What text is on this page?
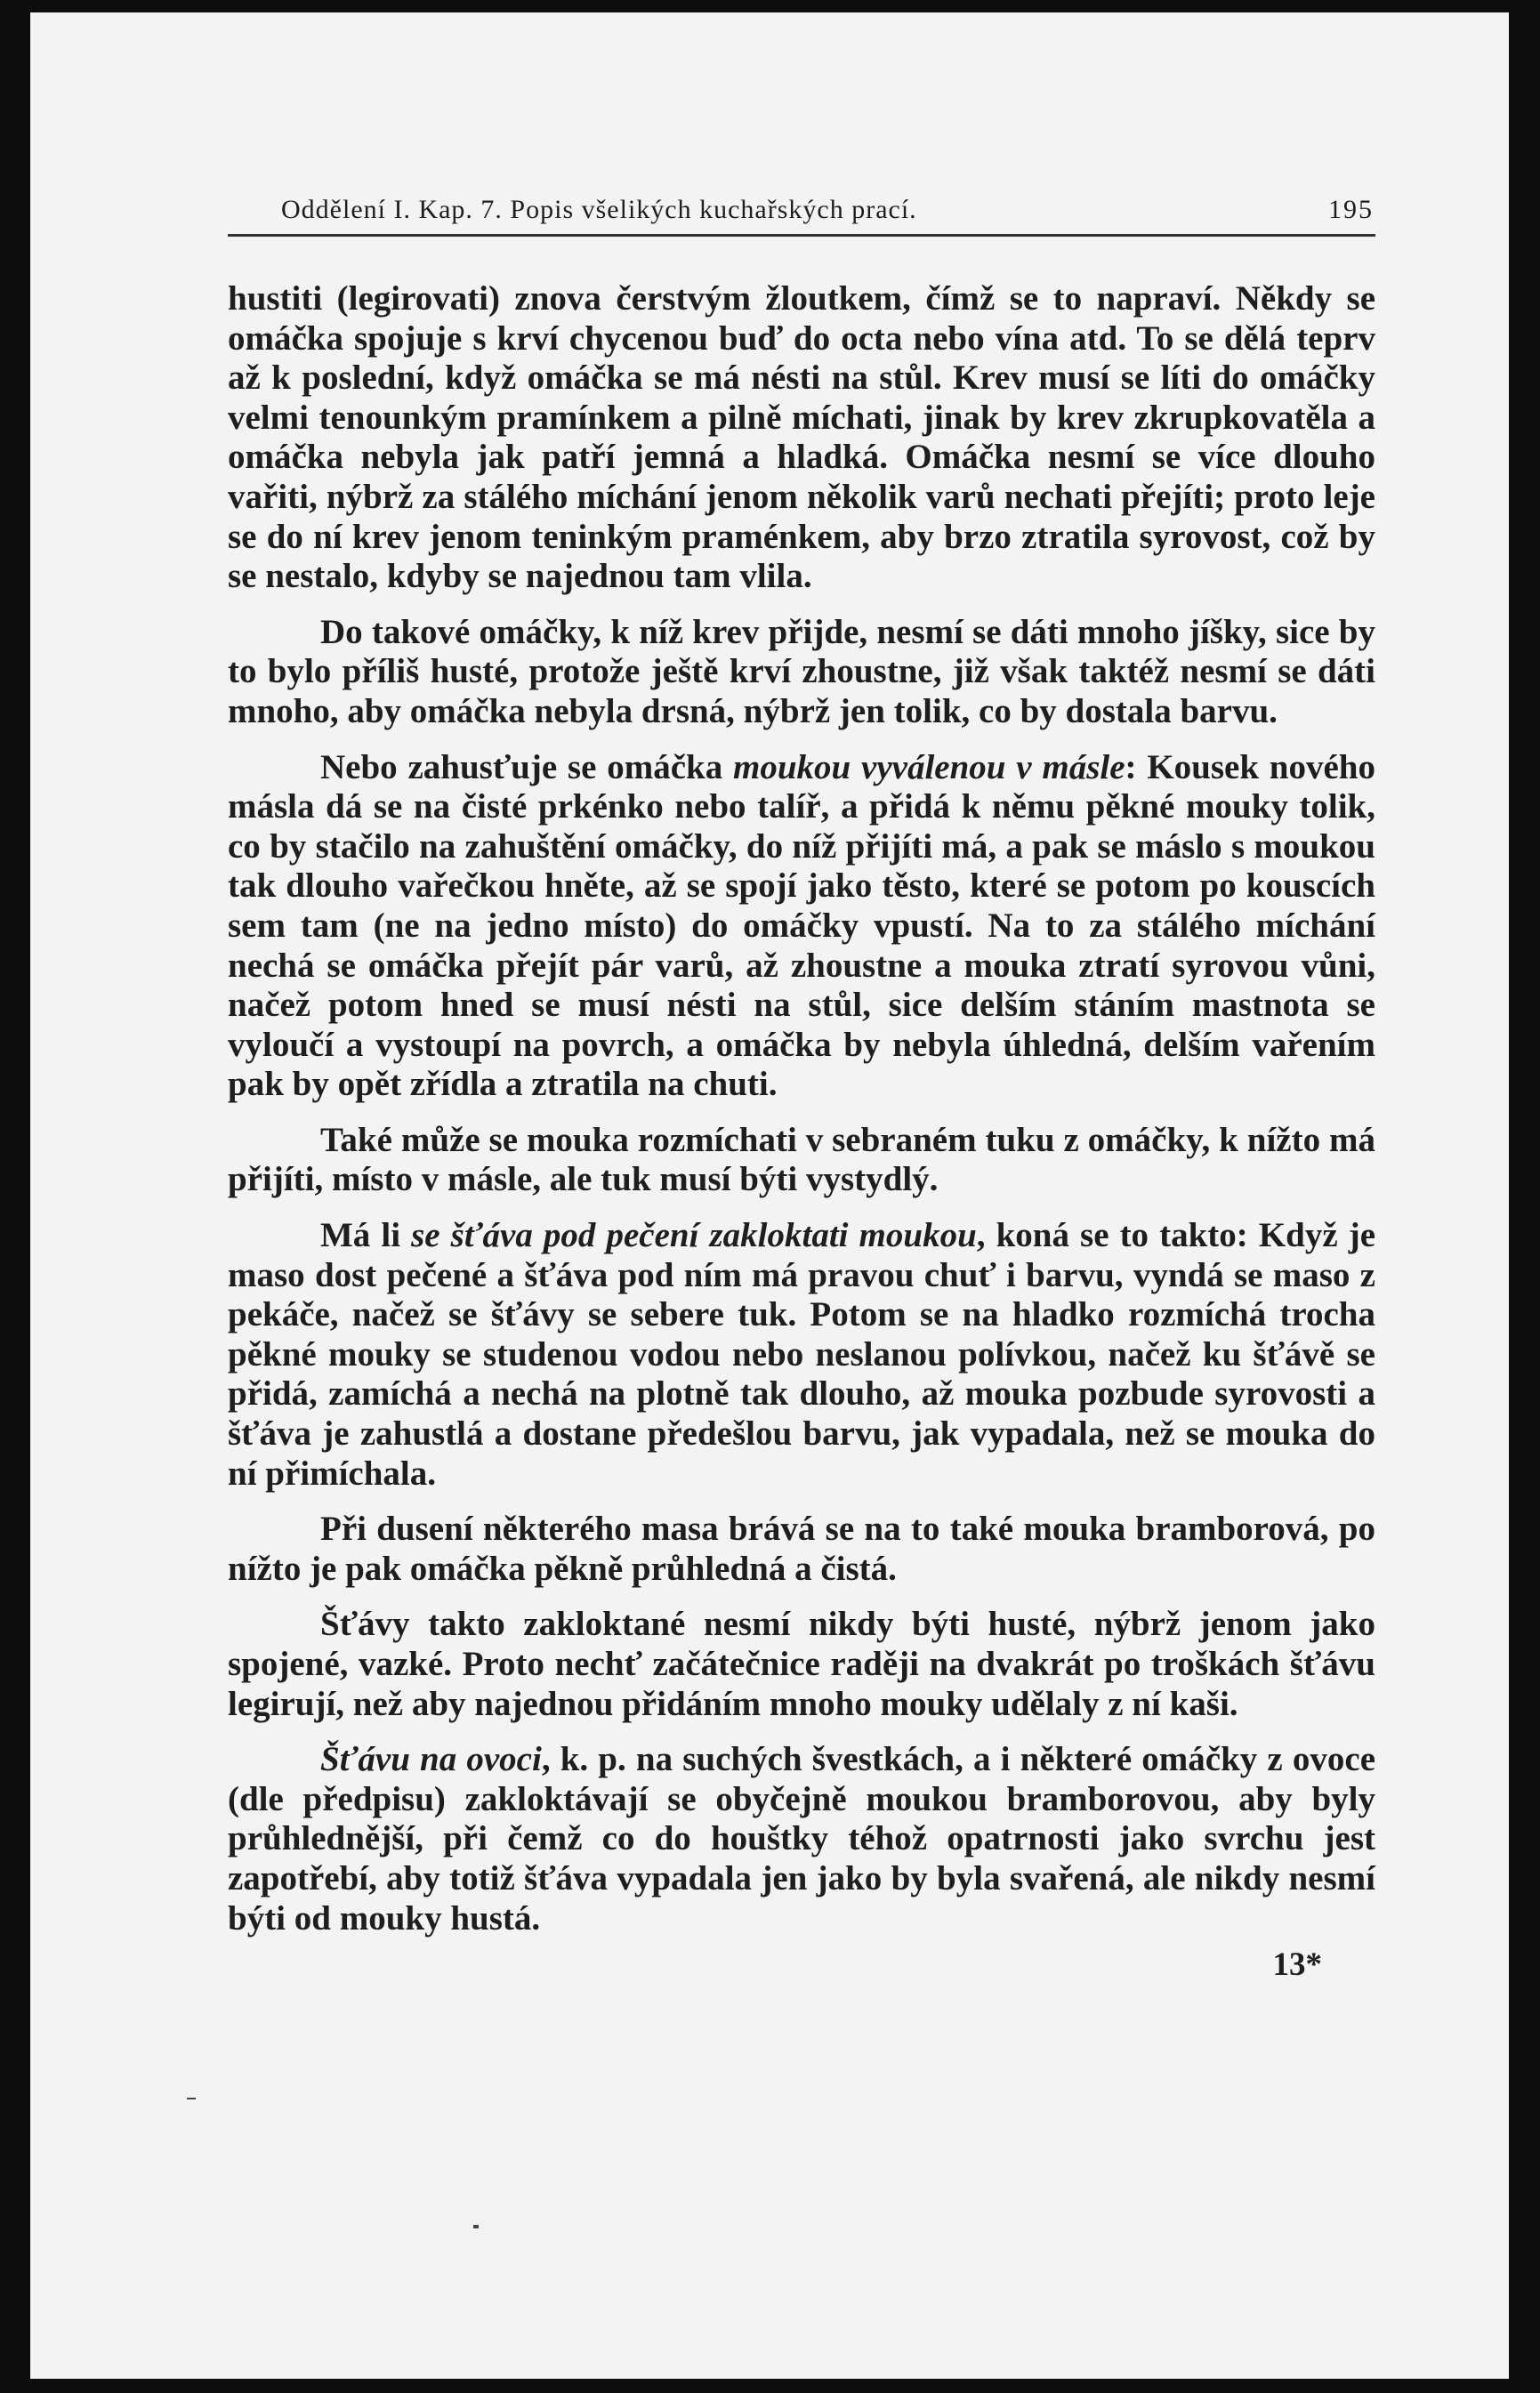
Oddělení I. Kap. 7. Popis všelikých kuchařských prací.	195

hustiti (legirovati) znova čerstvým žloutkem, čímž se to napraví. Někdy se omáčka spojuje s krví chycenou buď do octa nebo vína atd. To se dělá teprv až k poslední, když omáčka se má nésti na stůl. Krev musí se líti do omáčky velmi tenounkým pramínkem a pilně míchati, jinak by krev zkrupkovatěla a omáčka nebyla jak patří jemná a hladká. Omáčka nesmí se více dlouho vařiti, nýbrž za stálého míchání jenom několik varů nechati přejíti; proto leje se do ní krev jenom teninkým praménkem, aby brzo ztratila syrovost, což by se nestalo, kdyby se najednou tam vlila.

Do takové omáčky, k níž krev přijde, nesmí se dáti mnoho jíšky, sice by to bylo příliš husté, protože ještě krví zhoustne, již však taktéž nesmí se dáti mnoho, aby omáčka nebyla drsná, nýbrž jen tolik, co by dostala barvu.

Nebo zahusťuje se omáčka moukou vyválenou v másle: Kousek nového másla dá se na čisté prkénko nebo talíř, a přidá k němu pěkné mouky tolik, co by stačilo na zahuštění omáčky, do níž přijíti má, a pak se máslo s moukou tak dlouho vařečkou hněte, až se spojí jako těsto, které se potom po kouscích sem tam (ne na jedno místo) do omáčky vpustí. Na to za stálého míchání nechá se omáčka přejít pár varů, až zhoustne a mouka ztratí syrovou vůni, načež potom hned se musí nésti na stůl, sice delším stáním mastnota se vyloučí a vystoupí na povrch, a omáčka by nebyla úhledná, delším vařením pak by opět zřídla a ztratila na chuti.

Také může se mouka rozmíchati v sebraném tuku z omáčky, k nížto má přijíti, místo v másle, ale tuk musí býti vystydlý.

Má li se šťáva pod pečení zakloktati moukou, koná se to takto: Když je maso dost pečené a šťáva pod ním má pravou chuť i barvu, vyndá se maso z pekáče, načež se šťávy se sebere tuk. Potom se na hladko rozmíchá trocha pěkné mouky se studenou vodou nebo neslanou polívkou, načež ku šťávě se přidá, zamíchá a nechá na plotně tak dlouho, až mouka pozbude syrovosti a šťáva je zahustlá a dostane předešlou barvu, jak vypadala, než se mouka do ní přimíchala.

Při dusení některého masa brává se na to také mouka bramborová, po nížto je pak omáčka pěkně průhledná a čistá.

Šťávy takto zakloktané nesmí nikdy býti husté, nýbrž jenom jako spojené, vazké. Proto nechť začátečnice raději na dvakrát po troškách šťávu legirují, než aby najednou přidáním mnoho mouky udělaly z ní kaši.

Šťávu na ovoci, k. p. na suchých švestkách, a i některé omáčky z ovoce (dle předpisu) zakloktávají se obyčejně moukou bramborovou, aby byly průhlednější, při čemž co do houštky téhož opatrnosti jako svrchu jest zapotřebí, aby totiž šťáva vypadala jen jako by byla svařená, ale nikdy nesmí býti od mouky hustá.

13*
